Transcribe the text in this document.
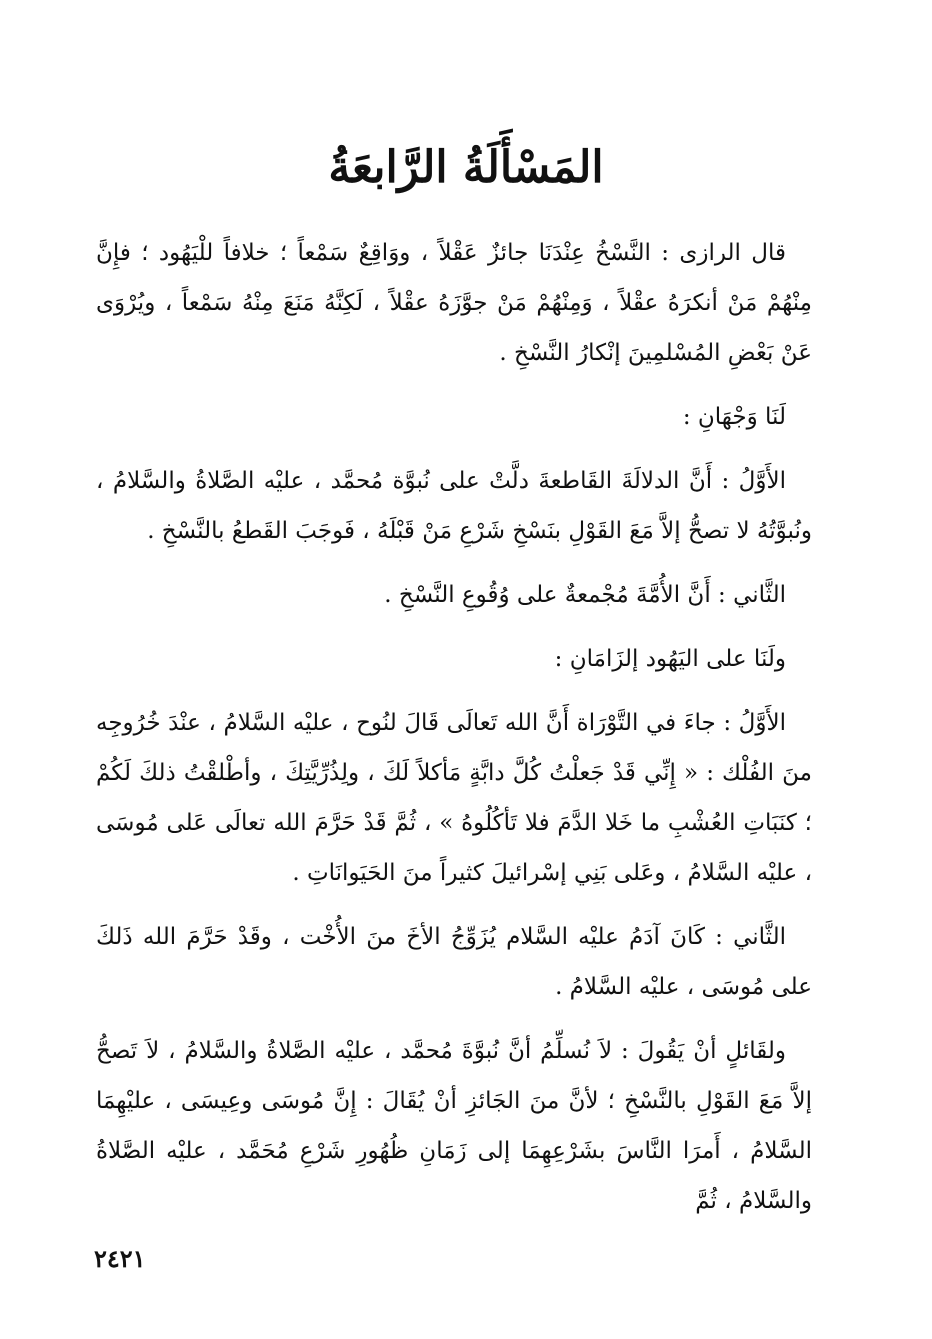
المَسْأَلَةُ الرَّابعَةُ

قال الرازى : النَّسْخُ عِنْدَنَا جائزٌ عَقْلاً ، ووَاقِعٌ سَمْعاً ؛ خلافاً للْيَهُود ؛ فإِنَّ مِنْهُمْ مَنْ أنكرَهُ عقْلاً ، وَمِنْهُمْ مَنْ جوَّزَهُ عقْلاً ، لَكِنَّهُ مَنَعَ مِنْهُ سَمْعاً ، ويُرْوَى عَنْ بَعْضِ المُسْلمِينَ إنْكارُ النَّسْخِ .

لَنَا وَجْهَانِ :

الأَوَّلُ : أَنَّ الدلالَةَ القَاطعةَ دلَّتْ على نُبوَّة مُحمَّد ، عليْه الصَّلاةُ والسَّلامُ ، ونُبوَّتُهُ لا تصحُّ إلاَّ مَعَ القَوْلِ بنَسْخِ شَرْعِ مَنْ قَبْلَهُ ، فَوجَبَ القَطعُ بالنَّسْخِ .

الثَّاني : أَنَّ الأُمَّةَ مُجْمعةٌ على وُقُوعِ النَّسْخِ .

ولَنَا على اليَهُود إلزَامَانِ :

الأَوَّلُ : جاءَ في التَّوْرَاة أَنَّ الله تَعالَى قَالَ لنُوح ، عليْه السَّلامُ ، عنْدَ خُرُوجِه منَ الفُلْك : « إِنِّي قَدْ جَعلْتُ كُلَّ دابَّةٍ مَأكلاً لَكَ ، ولِذُرِّيَّتِكَ ، وأطْلقْتُ ذلكَ لَكُمْ ؛ كنَبَاتِ العُشْبِ ما خَلا الدَّمَ فلا تَأكُلُوهُ » ، ثُمَّ قَدْ حَرَّمَ الله تعالَى عَلى مُوسَى ، عليْه السَّلامُ ، وعَلى بَنِي إسْرائيلَ كثيراً منَ الحَيَوانَاتِ .

الثَّاني : كَانَ آدَمُ عليْه السَّلام يُزَوِّجُ الأخَ منَ الأُخْت ، وقَدْ حَرَّمَ الله ذَلكَ على مُوسَى ، عليْه السَّلامُ .

ولقَائلٍ أنْ يَقُولَ : لاَ نُسلِّمُ أنَّ نُبوَّةَ مُحمَّد ، عليْه الصَّلاةُ والسَّلامُ ، لاَ تَصحُّ إلاَّ مَعَ القَوْلِ بالنَّسْخِ ؛ لأنَّ منَ الجَائزِ أنْ يُقَالَ : إِنَّ مُوسَى وعِيسَى ، عليْهِمَا السَّلامُ ، أَمرَا النَّاسَ بشَرْعِهِمَا إلى زَمَانِ ظُهُورِ شَرْعِ مُحَمَّد ، عليْه الصَّلاةُ والسَّلامُ ، ثُمَّ

٢٤٢١
